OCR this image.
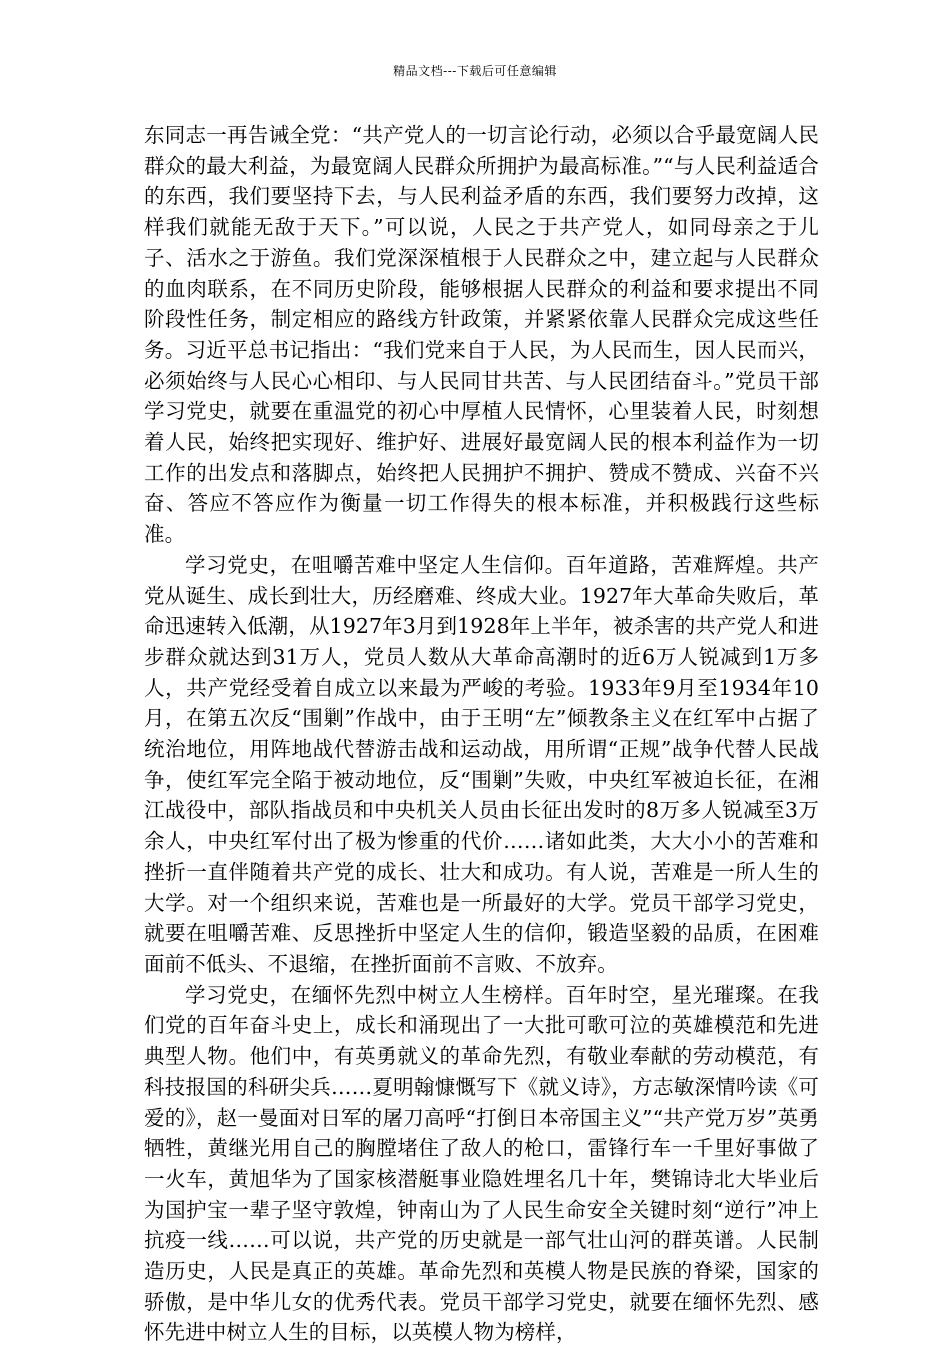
精品文档---下载后可任意编辑

东同志一再告诫全党：“共产党人的一切言论行动，必须以合乎最宽阔人民群众的最大利益，为最宽阔人民群众所拥护为最高标准。”“与人民利益适合的东西，我们要坚持下去，与人民利益矛盾的东西，我们要努力改掉，这样我们就能无敌于天下。”可以说，人民之于共产党人，如同母亲之于儿子、活水之于游鱼。我们党深深植根于人民群众之中，建立起与人民群众的血肉联系，在不同历史阶段，能够根据人民群众的利益和要求提出不同阶段性任务，制定相应的路线方针政策，并紧紧依靠人民群众完成这些任务。习近平总书记指出：“我们党来自于人民，为人民而生，因人民而兴，必须始终与人民心心相印、与人民同甘共苦、与人民团结奋斗。”党员干部学习党史，就要在重温党的初心中厚植人民情怀，心里装着人民，时刻想着人民，始终把实现好、维护好、进展好最宽阔人民的根本利益作为一切工作的出发点和落脚点，始终把人民拥护不拥护、赞成不赞成、兴奋不兴奋、答应不答应作为衡量一切工作得失的根本标准，并积极践行这些标准。

学习党史，在咀嚼苦难中坚定人生信仰。百年道路，苦难辉煌。共产党从诞生、成长到壮大，历经磨难、终成大业。1927年大革命失败后，革命迅速转入低潮，从1927年3月到1928年上半年，被杀害的共产党人和进步群众就达到31万人，党员人数从大革命高潮时的近6万人锐减到1万多人，共产党经受着自成立以来最为严峻的考验。1933年9月至1934年10月，在第五次反“围剿”作战中，由于王明“左”倾教条主义在红军中占据了统治地位，用阵地战代替游击战和运动战，用所谓“正规”战争代替人民战争，使红军完全陷于被动地位，反“围剿”失败，中央红军被迫长征，在湘江战役中，部队指战员和中央机关人员由长征出发时的8万多人锐减至3万余人，中央红军付出了极为惨重的代价……诸如此类，大大小小的苦难和挫折一直伴随着共产党的成长、壮大和成功。有人说，苦难是一所人生的大学。对一个组织来说，苦难也是一所最好的大学。党员干部学习党史，就要在咀嚼苦难、反思挫折中坚定人生的信仰，锻造坚毅的品质，在困难面前不低头、不退缩，在挫折面前不言败、不放弃。

学习党史，在缅怀先烈中树立人生榜样。百年时空，星光璀璨。在我们党的百年奋斗史上，成长和涌现出了一大批可歌可泣的英雄模范和先进典型人物。他们中，有英勇就义的革命先烈，有敬业奉献的劳动模范，有科技报国的科研尖兵……夏明翰慷慨写下《就义诗》，方志敏深情吟读《可爱的》，赵一曼面对日军的屠刀高呼“打倒日本帝国主义”“共产党万岁”英勇牺牲，黄继光用自己的胸膛堵住了敌人的枪口，雷锋行车一千里好事做了一火车，黄旭华为了国家核潜艇事业隐姓埋名几十年，樊锦诗北大毕业后为国护宝一辈子坚守敦煌，钟南山为了人民生命安全关键时刻“逆行”冲上抗疫一线……可以说，共产党的历史就是一部气壮山河的群英谱。人民制造历史，人民是真正的英雄。革命先烈和英模人物是民族的脊梁，国家的骄傲，是中华儿女的优秀代表。党员干部学习党史，就要在缅怀先烈、感怀先进中树立人生的目标，以英模人物为榜样，
